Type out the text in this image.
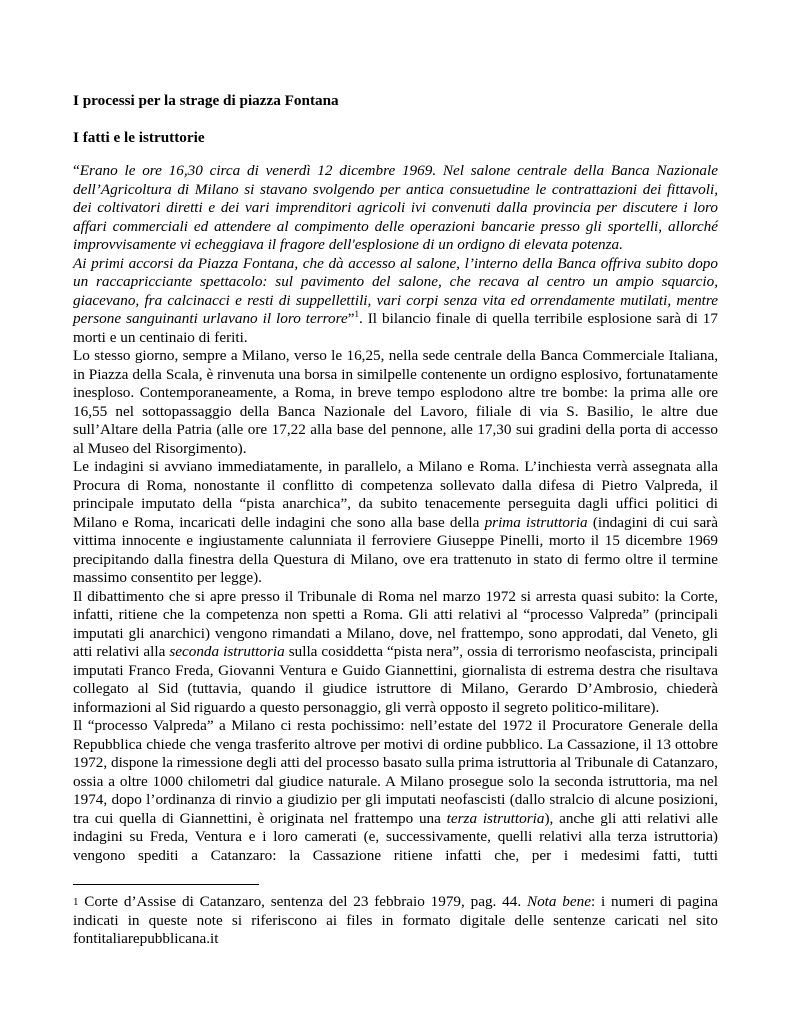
I processi per la strage di piazza Fontana
I fatti e le istruttorie

“Erano le ore 16,30 circa di venerdì 12 dicembre 1969. Nel salone centrale della Banca Nazionale dell’Agricoltura di Milano si stavano svolgendo per antica consuetudine le contrattazioni dei fittavoli, dei coltivatori diretti e dei vari imprenditori agricoli ivi convenuti dalla provincia per discutere i loro affari commerciali ed attendere al compimento delle operazioni bancarie presso gli sportelli, allorché improvvisamente vi echeggiava il fragore dell'esplosione di un ordigno di elevata potenza.

Ai primi accorsi da Piazza Fontana, che dà accesso al salone, l’interno della Banca offriva subito dopo un raccapricciante spettacolo: sul pavimento del salone, che recava al centro un ampio squarcio, giacevano, fra calcinacci e resti di suppellettili, vari corpi senza vita ed orrendamente mutilati, mentre persone sanguinanti urlavano il loro terrore”$^1$. Il bilancio finale di quella terribile esplosione sarà di 17 morti e un centinaio di feriti.

Lo stesso giorno, sempre a Milano, verso le 16,25, nella sede centrale della Banca Commerciale Italiana, in Piazza della Scala, è rinvenuta una borsa in similpelle contenente un ordigno esplosivo, fortunatamente inesploso. Contemporaneamente, a Roma, in breve tempo esplodono altre tre bombe: la prima alle ore 16,55 nel sottopassaggio della Banca Nazionale del Lavoro, filiale di via S. Basilio, le altre due sull’Altare della Patria (alle ore 17,22 alla base del pennone, alle 17,30 sui gradini della porta di accesso al Museo del Risorgimento).

Le indagini si avviano immediatamente, in parallelo, a Milano e Roma. L’inchiesta verrà assegnata alla Procura di Roma, nonostante il conflitto di competenza sollevato dalla difesa di Pietro Valpreda, il principale imputato della “pista anarchica”, da subito tenacemente perseguita dagli uffici politici di Milano e Roma, incaricati delle indagini che sono alla base della prima istruttoria (indagini di cui sarà vittima innocente e ingiustamente calunniata il ferroviere Giuseppe Pinelli, morto il 15 dicembre 1969 precipitando dalla finestra della Questura di Milano, ove era trattenuto in stato di fermo oltre il termine massimo consentito per legge).

Il dibattimento che si apre presso il Tribunale di Roma nel marzo 1972 si arresta quasi subito: la Corte, infatti, ritiene che la competenza non spetti a Roma. Gli atti relativi al “processo Valpreda” (principali imputati gli anarchici) vengono rimandati a Milano, dove, nel frattempo, sono approdati, dal Veneto, gli atti relativi alla seconda istruttoria sulla cosiddetta “pista nera”, ossia di terrorismo neofascista, principali imputati Franco Freda, Giovanni Ventura e Guido Giannettini, giornalista di estrema destra che risultava collegato al Sid (tuttavia, quando il giudice istruttore di Milano, Gerardo D’Ambrosio, chiederà informazioni al Sid riguardo a questo personaggio, gli verrà opposto il segreto politico-militare).

Il “processo Valpreda” a Milano ci resta pochissimo: nell’estate del 1972 il Procuratore Generale della Repubblica chiede che venga trasferito altrove per motivi di ordine pubblico. La Cassazione, il 13 ottobre 1972, dispone la rimessione degli atti del processo basato sulla prima istruttoria al Tribunale di Catanzaro, ossia a oltre 1000 chilometri dal giudice naturale. A Milano prosegue solo la seconda istruttoria, ma nel 1974, dopo l’ordinanza di rinvio a giudizio per gli imputati neofascisti (dallo stralcio di alcune posizioni, tra cui quella di Giannettini, è originata nel frattempo una terza istruttoria), anche gli atti relativi alle indagini su Freda, Ventura e i loro camerati (e, successivamente, quelli relativi alla terza istruttoria) vengono spediti a Catanzaro: la Cassazione ritiene infatti che, per i medesimi fatti, tutti

$^1$ Corte d’Assise di Catanzaro, sentenza del 23 febbraio 1979, pag. 44. Nota bene: i numeri di pagina indicati in queste note si riferiscono ai files in formato digitale delle sentenze caricati nel sito fontitaliarepubblicana.it
